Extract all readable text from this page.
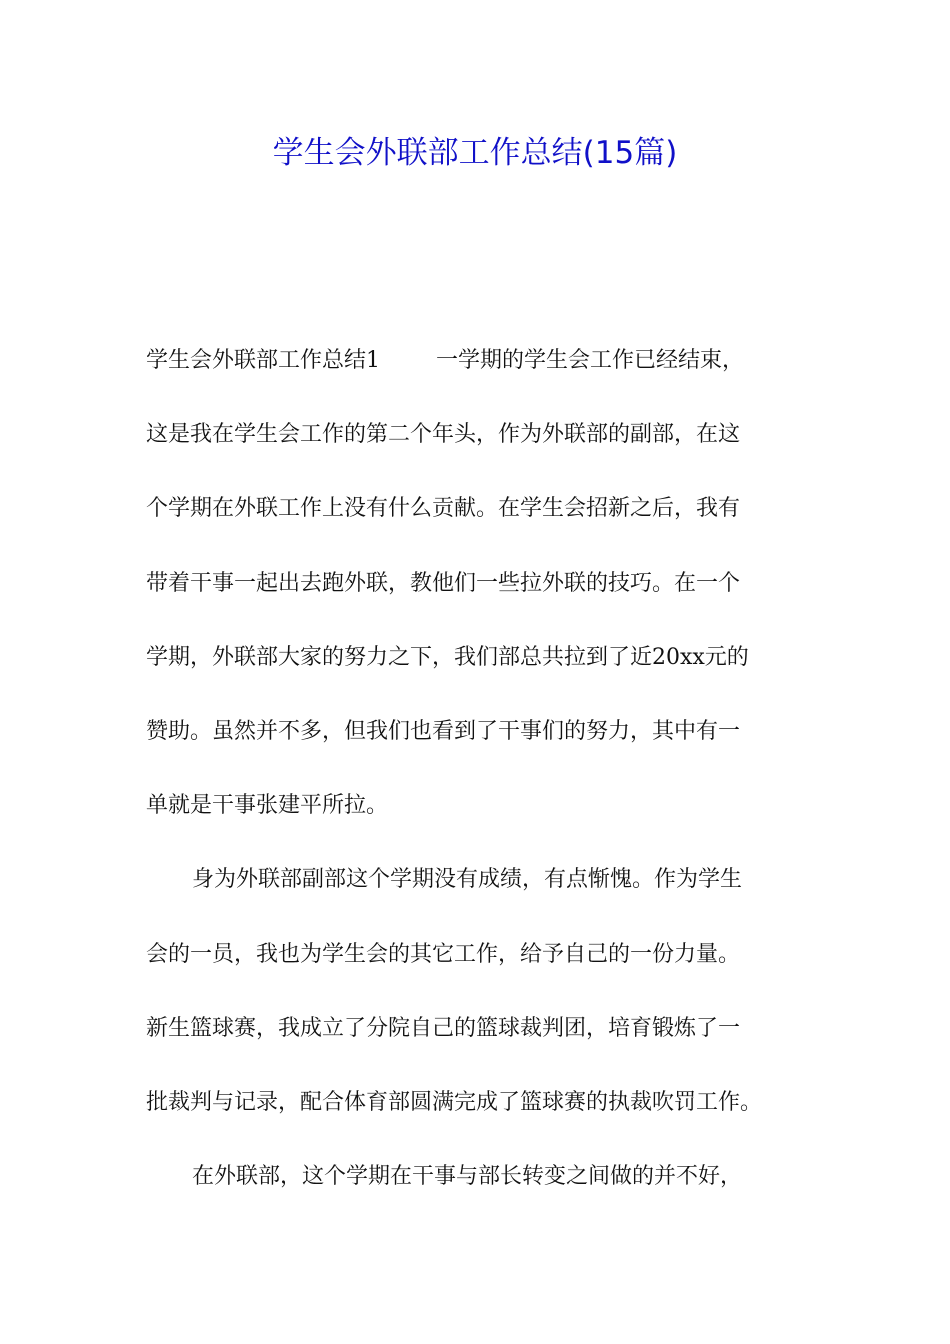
学生会外联部工作总结(15篇)
学生会外联部工作总结1	一学期的学生会工作已经结束，
这是我在学生会工作的第二个年头，作为外联部的副部，在这
个学期在外联工作上没有什么贡献。在学生会招新之后，我有
带着干事一起出去跑外联，教他们一些拉外联的技巧。在一个
学期，外联部大家的努力之下，我们部总共拉到了近20xx元的
赞助。虽然并不多，但我们也看到了干事们的努力，其中有一
单就是干事张建平所拉。
身为外联部副部这个学期没有成绩，有点惭愧。作为学生
会的一员，我也为学生会的其它工作，给予自己的一份力量。
新生篮球赛，我成立了分院自己的篮球裁判团，培育锻炼了一
批裁判与记录，配合体育部圆满完成了篮球赛的执裁吹罚工作。
在外联部，这个学期在干事与部长转变之间做的并不好，
